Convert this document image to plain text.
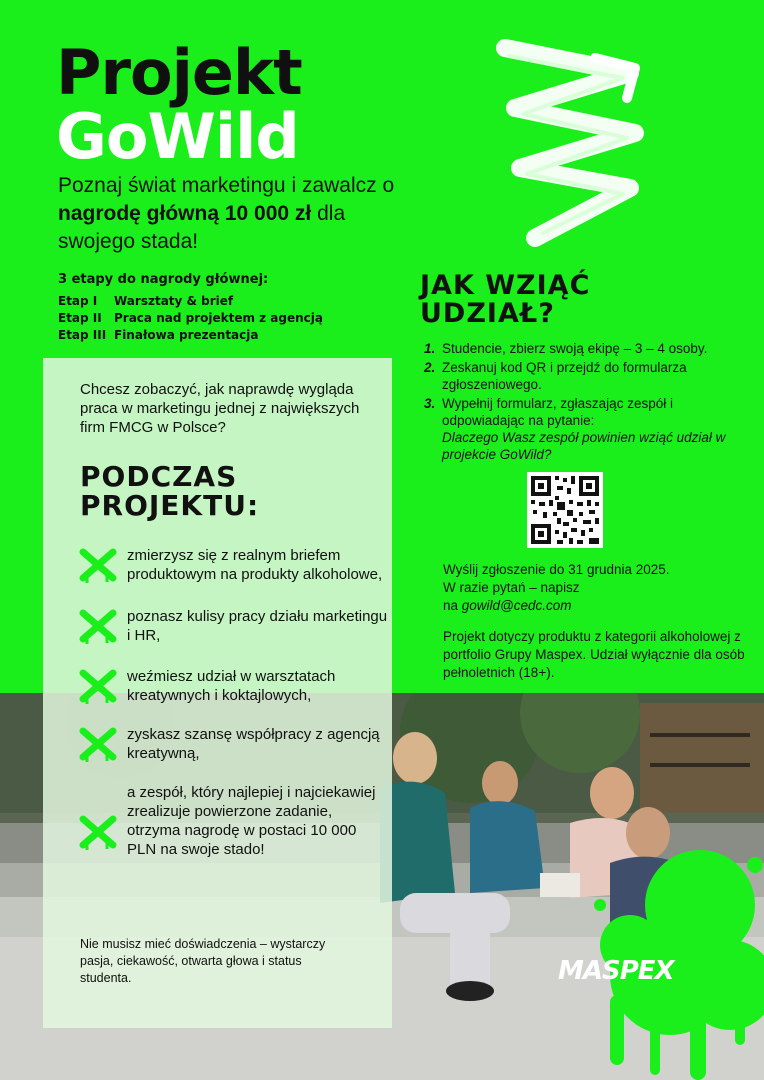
Projekt
GoWild
Poznaj świat marketingu i zawalcz o nagrodę główną 10 000 zł dla swojego stada!
3 etapy do nagrody głównej:
Etap I Warsztaty & brief
Etap II Praca nad projektem z agencją
Etap III Finałowa prezentacja
Chcesz zobaczyć, jak naprawdę wygląda praca w marketingu jednej z największych firm FMCG w Polsce?
PODCZAS
PROJEKTU:
zmierzysz się z realnym briefem produktowym na produkty alkoholowe,
poznasz kulisy pracy działu marketingu i HR,
weźmiesz udział w warsztatach kreatywnych i koktajlowych,
zyskasz szansę współpracy z agencją kreatywną,
a zespół, który najlepiej i najciekawiej zrealizuje powierzone zadanie, otrzyma nagrodę w postaci 10 000 PLN na swoje stado!
Nie musisz mieć doświadczenia – wystarczy pasja, ciekawość, otwarta głowa i status studenta.
JAK WZIĄĆ
UDZIAŁ?
1. Studencie, zbierz swoją ekipę – 3 – 4 osoby.
2. Zeskanuj kod QR i przejdź do formularza zgłoszeniowego.
3. Wypełnij formularz, zgłaszając zespół i odpowiadając na pytanie:
Dlaczego Wasz zespół powinien wziąć udział w projekcie GoWild?
Wyślij zgłoszenie do 31 grudnia 2025.
W razie pytań – napisz
na gowild@cedc.com
Projekt dotyczy produktu z kategorii alkoholowej z portfolio Grupy Maspex. Udział wyłącznie dla osób pełnoletnich (18+).
MASPEX
